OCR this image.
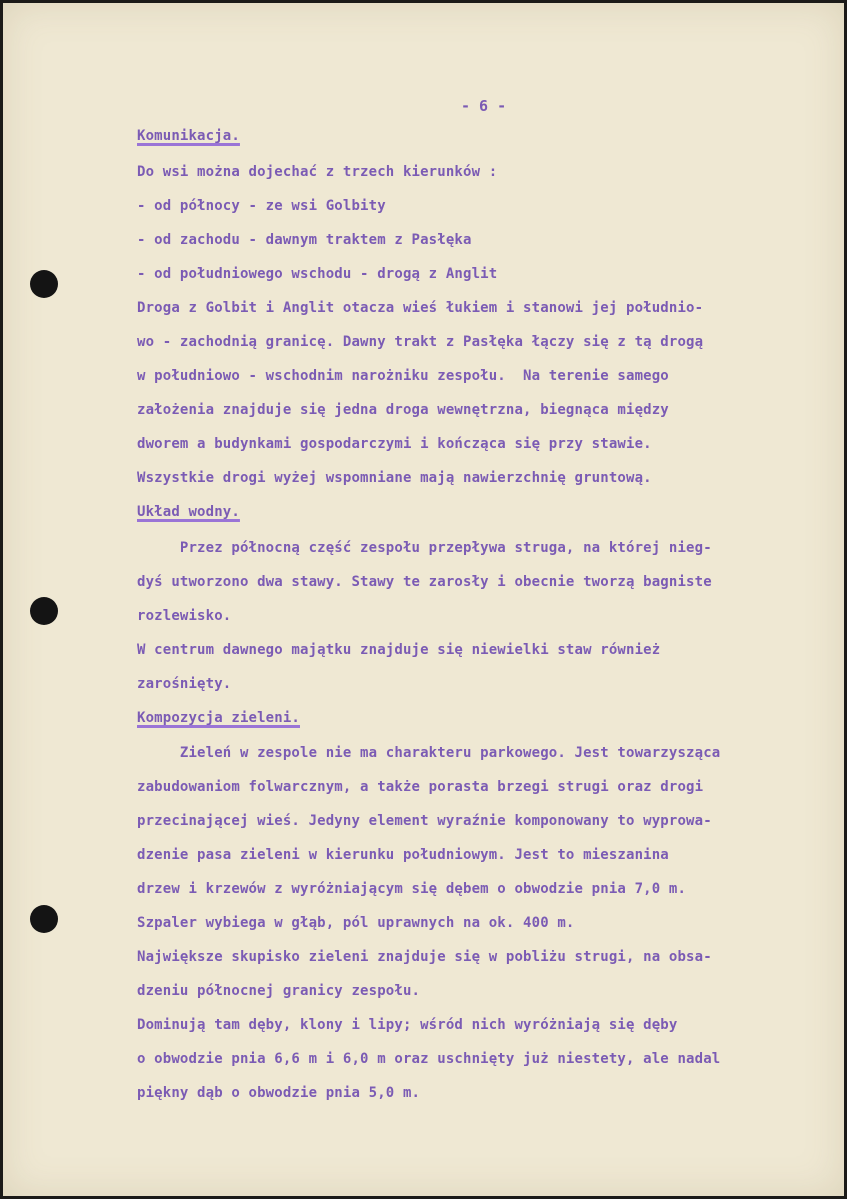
- 6 -
Komunikacja.
Do wsi można dojechać z trzech kierunków :
- od północy - ze wsi Golbity
- od zachodu - dawnym traktem z Pasłęka
- od południowego wschodu - drogą z Anglit
Droga z Golbit i Anglit otacza wieś łukiem i stanowi jej południo-
wo - zachodnią granicę. Dawny trakt z Pasłęka łączy się z tą drogą
w południowo - wschodnim narożniku zespołu.  Na terenie samego
założenia znajduje się jedna droga wewnętrzna, biegnąca między
dworem a budynkami gospodarczymi i kończąca się przy stawie.
Wszystkie drogi wyżej wspomniane mają nawierzchnię gruntową.
Układ wodny.
Przez północną część zespołu przepływa struga, na której nieg-
dyś utworzono dwa stawy. Stawy te zarosły i obecnie tworzą bagniste
rozlewisko.
W centrum dawnego majątku znajduje się niewielki staw również
zarośnięty.
Kompozycja zieleni.
Zieleń w zespole nie ma charakteru parkowego. Jest towarzysząca
zabudowaniom folwarcznym, a także porasta brzegi strugi oraz drogi
przecinającej wieś. Jedyny element wyraźnie komponowany to wyprowa-
dzenie pasa zieleni w kierunku południowym. Jest to mieszanina
drzew i krzewów z wyróżniającym się dębem o obwodzie pnia 7,0 m.
Szpaler wybiega w głąb, pól uprawnych na ok. 400 m.
Największe skupisko zieleni znajduje się w pobliżu strugi, na obsa-
dzeniu północnej granicy zespołu.
Dominują tam dęby, klony i lipy; wśród nich wyróżniają się dęby
o obwodzie pnia 6,6 m i 6,0 m oraz uschnięty już niestety, ale nadal
piękny dąb o obwodzie pnia 5,0 m.
